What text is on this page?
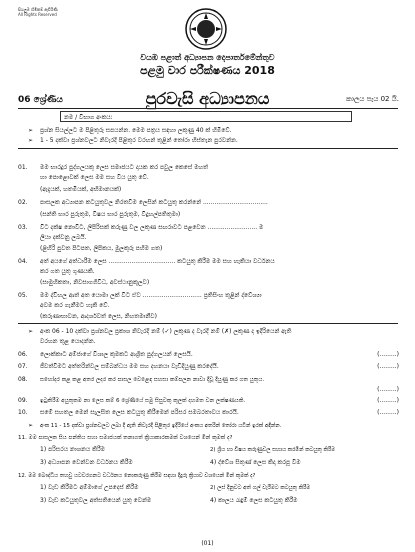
සියලුම හිමිකම් ඇවිරිණි
All Rights Reserved
වයඹ පළාත් අධ්‍යාපන දෙපාර්තමේන්තුව
පළමු වාර පරීක්ෂණය 2018
06 ශ්‍රේණිය	පුරවැසි අධ්‍යාපනය	කාලය පැය 02 යි.
නම / විභාග අංකය:
➢ ප්‍රශ්න සියල්ලට ම පිළිතුරු සපයන්න. මෙම පත්‍රය සඳහා ලකුණු 40 ක් හිමිවේ.
➢ 1 - 5 දක්වා ප්‍රශ්නවලට නිවැරදි පිළිතුර වරහන් තුළින් තෝරා හිස්තැන පුරවන්න.
01. මම භාරදූර පුද්ගලයකු ලෙස සමාජයට දායක කර පවුල කෙසේ මහත්
හා පොළොවක් ලෙස මම සහ වීය යුතු වේ.
(ඇදැයක්, හතමියක්, අභිමානයක්)
02. පාසලක අධ්‍යාපන කටයුතුවල නිරතවීම ලෙසින් කටයුතු කරන්නේ ..................................
(සන්ති භාර පුරුතුම, විෂය භාර පුරුතුම, විදුහල්පතිතුමා)
03. විට දක්ෂ නොවිට, ලිපිරිසක් කරුණු වල ලකුණ සඟරාවට පළවෙන .......................... ම
ලියා දක්වනු ලබයි.
(ළිහිරි පුවත පිටපත, ලිපිකය, මුලකුරු පහිම ගත)
04. අත් අයගේ අත්ධාරීම ලෙස ................................... කටයුතු කිරීම මම සහ හැකියා වර්ධනය
කර ගත යුතු ගුණයකි.
(සාමුහිකතා, නිවසාගගිවිධ, අවස්ථානුකූලව)
05. මම ද්විහල ආත් අත යොමා ලක් විට ඒව ............................... ප්‍රතිසිංහ තුළින් ද්වේශ්‍යා
අවම කර ගැනීමට හැකි වේ.
(කරුණාභාවන, ආදර්ශවත් ලෙස, නිහතමානීව)
➢ අංක 06 - 10 දක්වා ප්‍රශ්නවල ප්‍රකාශ නිවැරදි නම් (✓) ලකුණ ද වැරදි නම් (✗) ලකුණ ද ඉදිරියෙන් ඇති
වරහන තුළ යොදන්න.
06. ලොක්කාට අම්ජාගේ විශාල කුමකට ආශ්‍රිත පුද්ගලයන් ලෙසයි.	(.........)
07. ජීවත්වීමට අත්තරින්වල සම්බන්ධය මම සහ දහනයා වැඩිදියුණු කරදේයි.	(.........)
08. සහෝදර කළ කළ අතර ලදර කර පාසල වෙළෙඳ සහසා කම්පලන නාවා දිවූ දියුණු කර ගත යුතුය.
(.........)
09. ඉටුකිරීම අයුතුකම නා ලෙස කම් 6 ශ්‍රේණියේ සමු සිසුවකු කුලක් දහමත වන ලක්ෂණයකි.	(.........)
10. සමේ සහතල මෙන් සැලසිත ලෙස කටයුතු කිරීමෙන් පරිසර සමබරතාවය කාරයි.	(.........)
➢ අංක 11 - 15 දක්වා ප්‍රශ්නවලට ලබා දී ඇති නිවැරදි පිළිතුර ඉදිරියේ අංකය අතරින් තෝරා යටින් ඉරක් අඳින්න.
11. මම පාසලක සිය පන්තිය සහා සමාජයක් තනාගත් ක්‍රියාකාරකමක් වශයෙන් මින් කුමක් ද?
1) පරිසරය නාශනය කිරීම	2) ශ්‍රිය හා විෂය කරුණුවල සහාය කරමින් කටයුතු කිරීම
3) අධ්‍යාපන වෙන්වන වර්ධනය කිරීම	4) ද්වේශ සිතුණ් ලෙස කිදා කරපූ වීම
12. මම බෞද්ධිය තහවු යටවරගනට වර්ධනය නොකරුණු කිරීම සඳහා දිදුරු ක්‍රියාව වශයෙන් මින් කුමක් ද?
1) වැඩ කිරීමට අම්මාගේ උපදෙස් කිරීම	2) ලස් දිනුවට අත් ගල් වැරීමට කටයුතු කිරීම
3) වැඩ කටයුතුවල අත්සතියෙන් යුතු වෙන්ම	4) කාලය රැඳුම් ලෙස කටයුතු කිරීම
(01)
